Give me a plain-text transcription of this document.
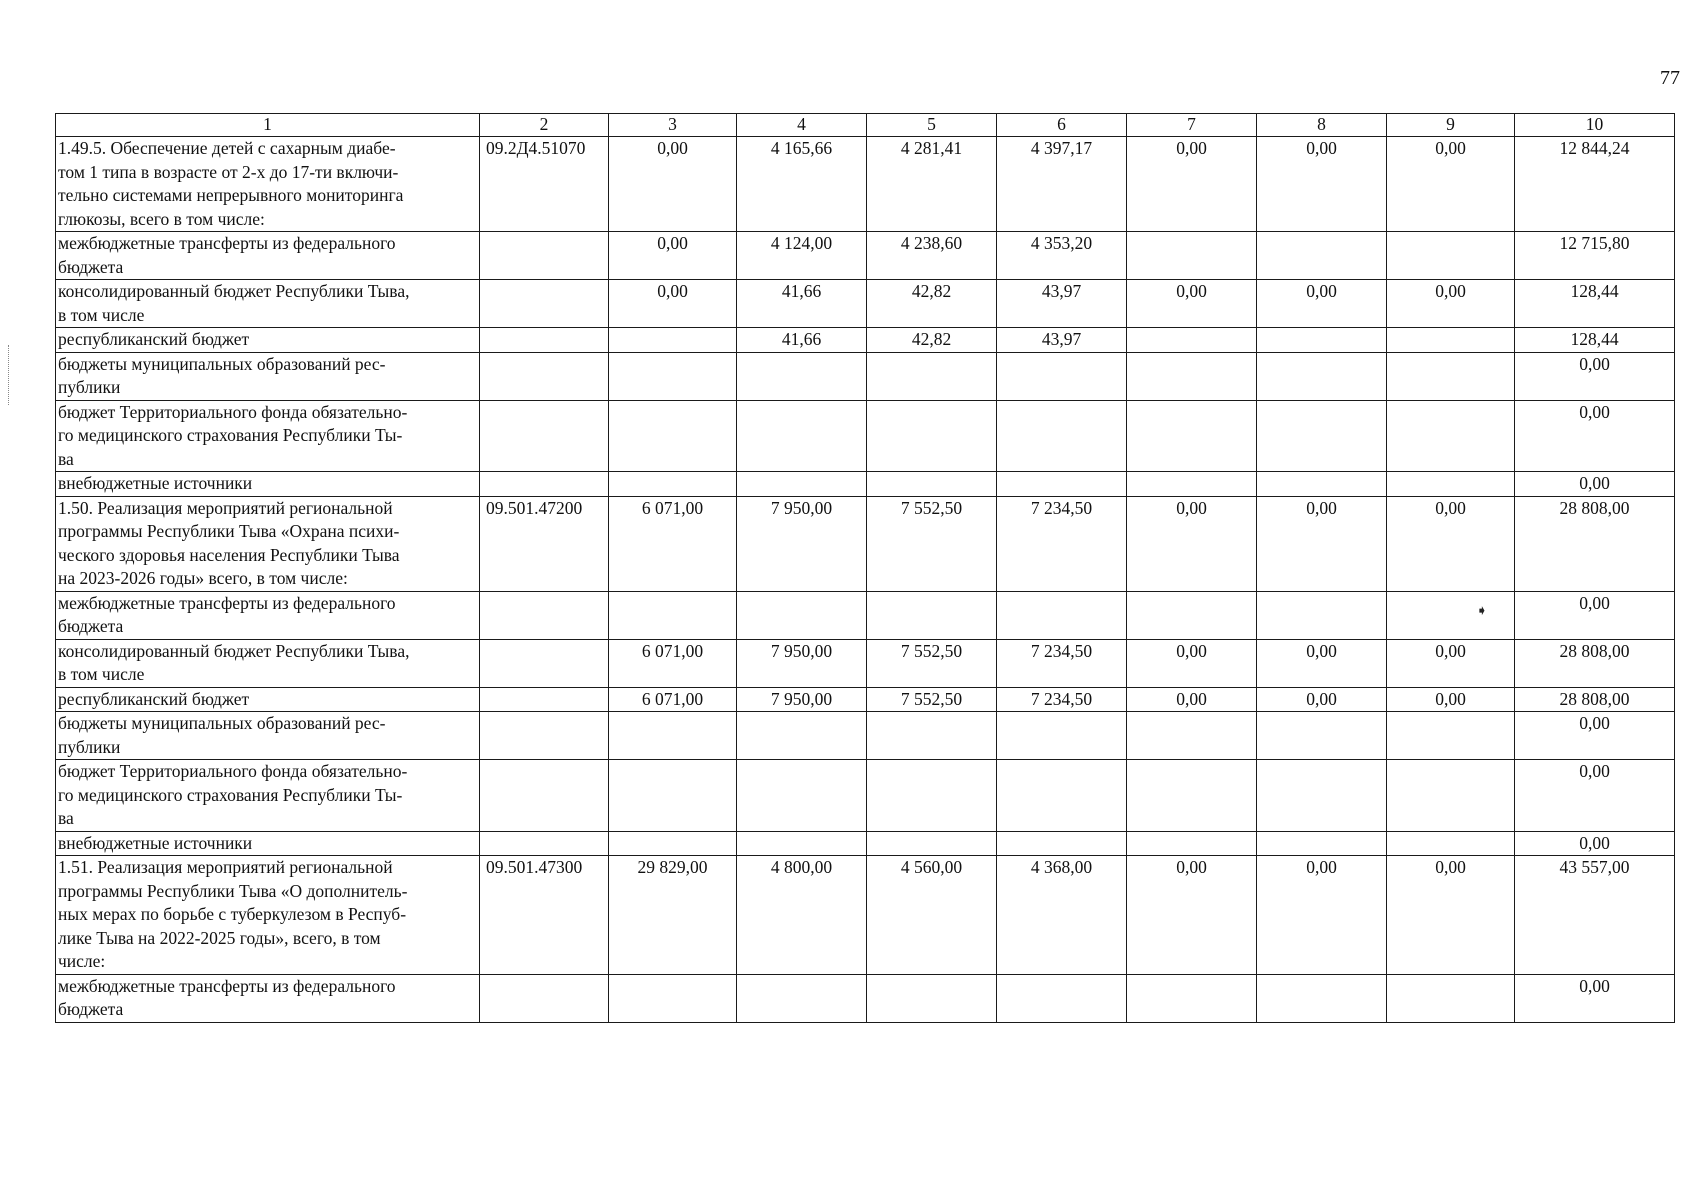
77
➧
1	2	3	4	5	6	7	8	9	10
1.49.5. Обеспечение детей с сахарным диабе-
том 1 типа в возрасте от 2-х до 17-ти включи-
тельно системами непрерывного мониторинга
глюкозы, всего в том числе:	09.2Д4.51070	0,00	4 165,66	4 281,41	4 397,17	0,00	0,00	0,00	12 844,24
межбюджетные трансферты из федерального
бюджета		0,00	4 124,00	4 238,60	4 353,20				12 715,80
консолидированный бюджет Республики Тыва,
в том числе		0,00	41,66	42,82	43,97	0,00	0,00	0,00	128,44
республиканский бюджет			41,66	42,82	43,97				128,44
бюджеты муниципальных образований рес-
публики									0,00
бюджет Территориального фонда обязательно-
го медицинского страхования Республики Ты-
ва									0,00
внебюджетные источники									0,00
1.50. Реализация мероприятий региональной
программы Республики Тыва «Охрана психи-
ческого здоровья населения Республики Тыва
на 2023-2026 годы» всего, в том числе:	09.501.47200	6 071,00	7 950,00	7 552,50	7 234,50	0,00	0,00	0,00	28 808,00
межбюджетные трансферты из федерального
бюджета									0,00
консолидированный бюджет Республики Тыва,
в том числе		6 071,00	7 950,00	7 552,50	7 234,50	0,00	0,00	0,00	28 808,00
республиканский бюджет		6 071,00	7 950,00	7 552,50	7 234,50	0,00	0,00	0,00	28 808,00
бюджеты муниципальных образований рес-
публики									0,00
бюджет Территориального фонда обязательно-
го медицинского страхования Республики Ты-
ва									0,00
внебюджетные источники									0,00
1.51. Реализация мероприятий региональной
программы Республики Тыва «О дополнитель-
ных мерах по борьбе с туберкулезом в Респуб-
лике Тыва на 2022-2025 годы», всего, в том
числе:	09.501.47300	29 829,00	4 800,00	4 560,00	4 368,00	0,00	0,00	0,00	43 557,00
межбюджетные трансферты из федерального
бюджета									0,00
